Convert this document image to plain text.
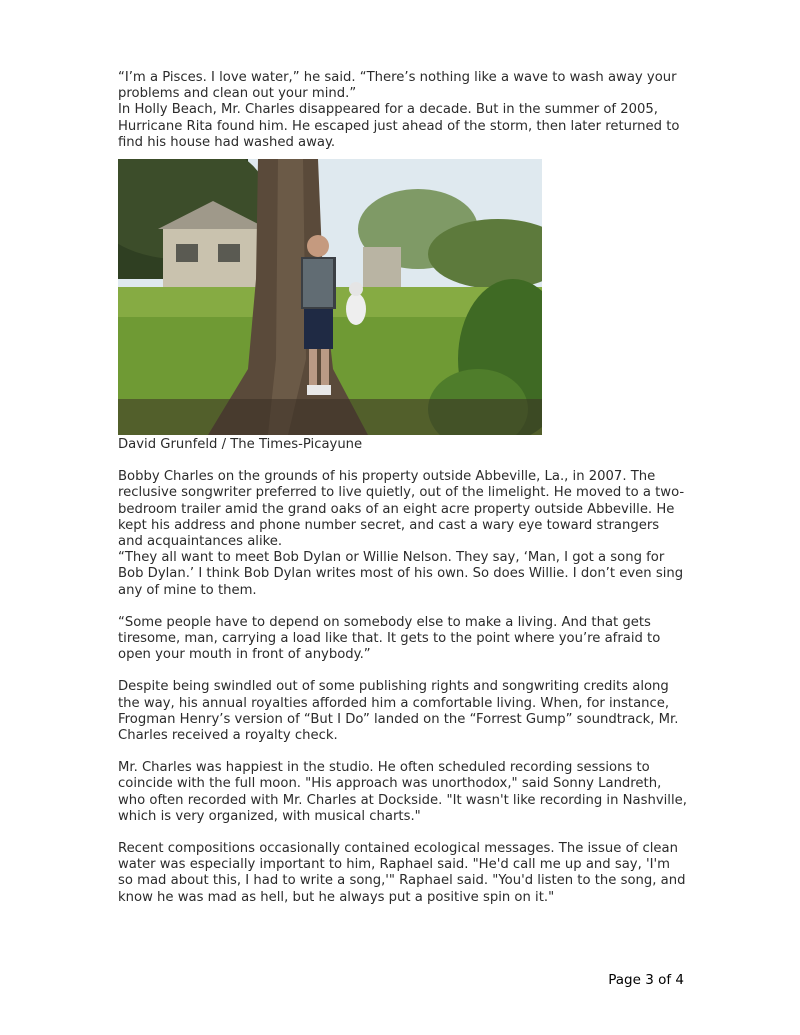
“I’m a Pisces. I love water,” he said. “There’s nothing like a wave to wash away your problems and clean out your mind.”

In Holly Beach, Mr. Charles disappeared for a decade. But in the summer of 2005, Hurricane Rita found him. He escaped just ahead of the storm, then later returned to find his house had washed away.

David Grunfeld / The Times-Picayune

Bobby Charles on the grounds of his property outside Abbeville, La., in 2007. The reclusive songwriter preferred to live quietly, out of the limelight. He moved to a two-bedroom trailer amid the grand oaks of an eight acre property outside Abbeville. He kept his address and phone number secret, and cast a wary eye toward strangers and acquaintances alike.

“They all want to meet Bob Dylan or Willie Nelson. They say, ‘Man, I got a song for Bob Dylan.’ I think Bob Dylan writes most of his own. So does Willie. I don’t even sing any of mine to them.

“Some people have to depend on somebody else to make a living. And that gets tiresome, man, carrying a load like that. It gets to the point where you’re afraid to open your mouth in front of anybody.”

Despite being swindled out of some publishing rights and songwriting credits along the way, his annual royalties afforded him a comfortable living. When, for instance, Frogman Henry’s version of “But I Do” landed on the “Forrest Gump” soundtrack, Mr. Charles received a royalty check.

Mr. Charles was happiest in the studio. He often scheduled recording sessions to coincide with the full moon. "His approach was unorthodox," said Sonny Landreth, who often recorded with Mr. Charles at Dockside. "It wasn't like recording in Nashville, which is very organized, with musical charts."

Recent compositions occasionally contained ecological messages. The issue of clean water was especially important to him, Raphael said. "He'd call me up and say, 'I'm so mad about this, I had to write a song,'" Raphael said. "You'd listen to the song, and know he was mad as hell, but he always put a positive spin on it."

Page 3 of 4
